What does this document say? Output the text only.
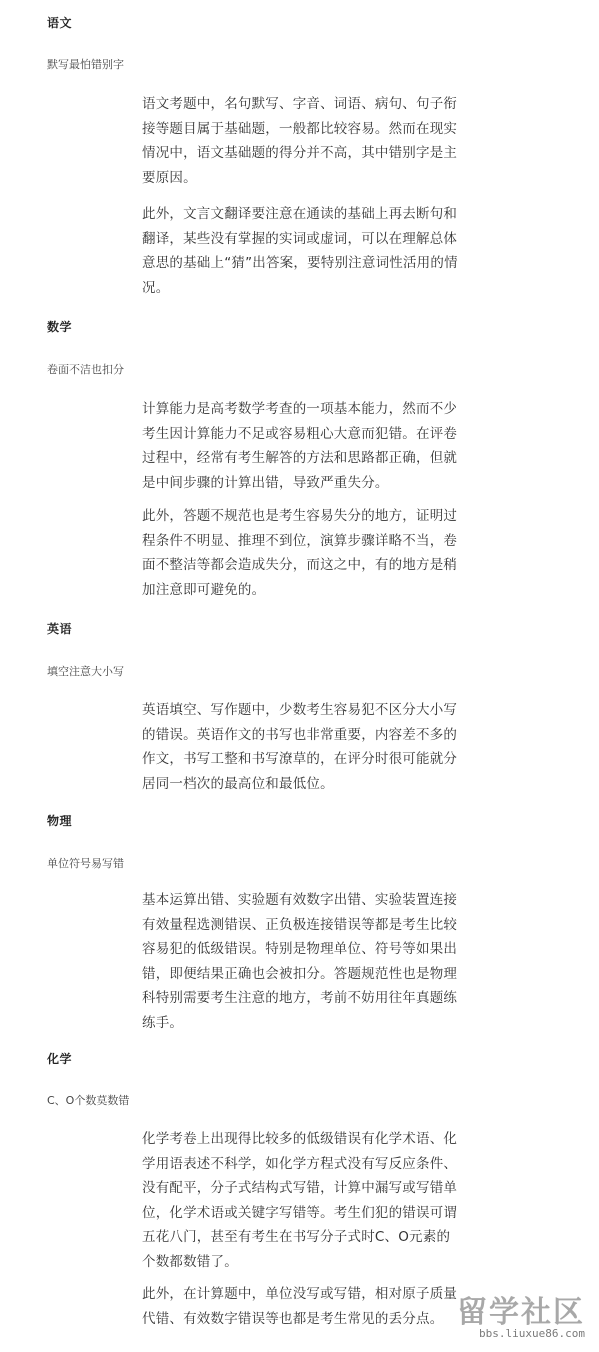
语文
默写最怕错别字

语文考题中，名句默写、字音、词语、病句、句子衔接等题目属于基础题，一般都比较容易。然而在现实情况中，语文基础题的得分并不高，其中错别字是主要原因。

此外，文言文翻译要注意在通读的基础上再去断句和翻译，某些没有掌握的实词或虚词，可以在理解总体意思的基础上“猜”出答案，要特别注意词性活用的情况。

数学
卷面不洁也扣分

计算能力是高考数学考查的一项基本能力，然而不少考生因计算能力不足或容易粗心大意而犯错。在评卷过程中，经常有考生解答的方法和思路都正确，但就是中间步骤的计算出错，导致严重失分。

此外，答题不规范也是考生容易失分的地方，证明过程条件不明显、推理不到位，演算步骤详略不当，卷面不整洁等都会造成失分，而这之中，有的地方是稍加注意即可避免的。

英语
填空注意大小写

英语填空、写作题中，少数考生容易犯不区分大小写的错误。英语作文的书写也非常重要，内容差不多的作文，书写工整和书写潦草的，在评分时很可能就分居同一档次的最高位和最低位。

物理
单位符号易写错

基本运算出错、实验题有效数字出错、实验装置连接有效量程选测错误、正负极连接错误等都是考生比较容易犯的低级错误。特别是物理单位、符号等如果出错，即便结果正确也会被扣分。答题规范性也是物理科特别需要考生注意的地方，考前不妨用往年真题练练手。

化学
C、O个数莫数错

化学考卷上出现得比较多的低级错误有化学术语、化学用语表述不科学，如化学方程式没有写反应条件、没有配平，分子式结构式写错，计算中漏写或写错单位，化学术语或关键字写错等。考生们犯的错误可谓五花八门，甚至有考生在书写分子式时C、O元素的个数都数错了。

此外，在计算题中，单位没写或写错，相对原子质量代错、有效数字错误等也都是考生常见的丢分点。 留学社区
bbs.liuxue86.com
